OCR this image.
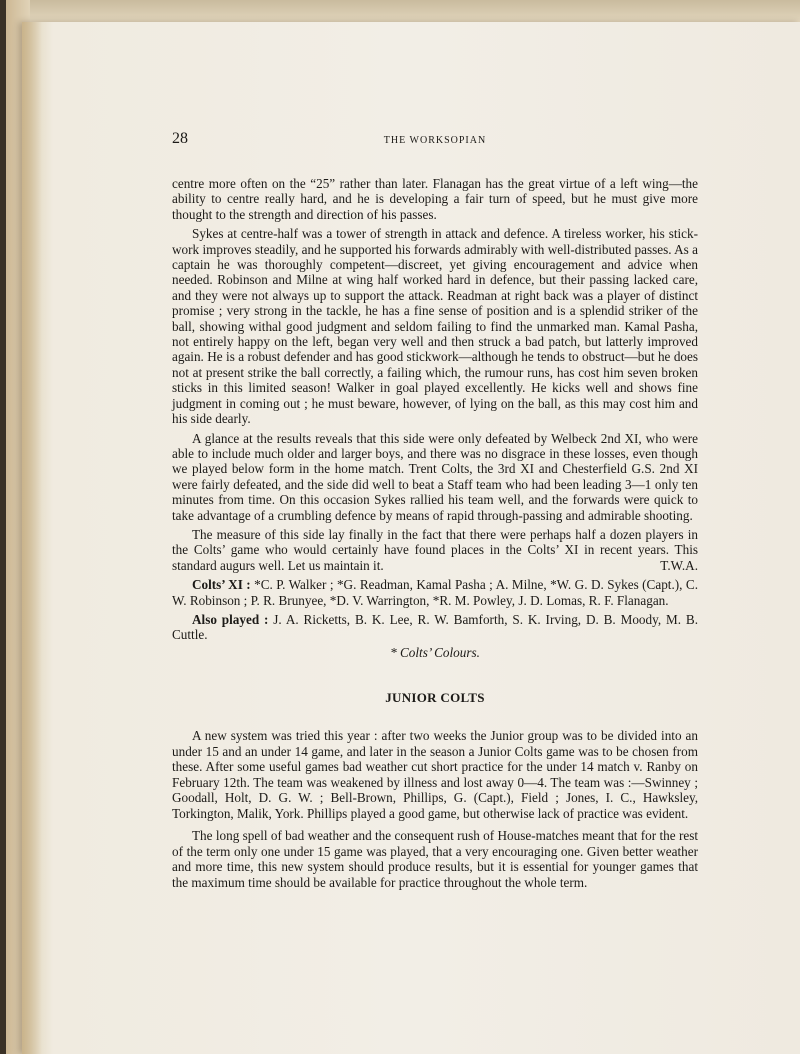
28	THE WORKSOPIAN

centre more often on the “25” rather than later. Flanagan has the great virtue of a left wing—the ability to centre really hard, and he is developing a fair turn of speed, but he must give more thought to the strength and direction of his passes.

Sykes at centre-half was a tower of strength in attack and defence. A tireless worker, his stick-work improves steadily, and he supported his forwards admirably with well-distributed passes. As a captain he was thoroughly competent—discreet, yet giving encouragement and advice when needed. Robinson and Milne at wing half worked hard in defence, but their passing lacked care, and they were not always up to support the attack. Readman at right back was a player of distinct promise ; very strong in the tackle, he has a fine sense of position and is a splendid striker of the ball, showing withal good judgment and seldom failing to find the unmarked man. Kamal Pasha, not entirely happy on the left, began very well and then struck a bad patch, but latterly improved again. He is a robust defender and has good stickwork—although he tends to obstruct—but he does not at present strike the ball correctly, a failing which, the rumour runs, has cost him seven broken sticks in this limited season! Walker in goal played excellently. He kicks well and shows fine judgment in coming out ; he must beware, however, of lying on the ball, as this may cost him and his side dearly.

A glance at the results reveals that this side were only defeated by Welbeck 2nd XI, who were able to include much older and larger boys, and there was no disgrace in these losses, even though we played below form in the home match. Trent Colts, the 3rd XI and Chesterfield G.S. 2nd XI were fairly defeated, and the side did well to beat a Staff team who had been leading 3—1 only ten minutes from time. On this occasion Sykes rallied his team well, and the forwards were quick to take advantage of a crumbling defence by means of rapid through-passing and admirable shooting.

The measure of this side lay finally in the fact that there were perhaps half a dozen players in the Colts’ game who would certainly have found places in the Colts’ XI in recent years. This standard augurs well. Let us maintain it.	T.W.A.

Colts’ XI : *C. P. Walker ; *G. Readman, Kamal Pasha ; A. Milne, *W. G. D. Sykes (Capt.), C. W. Robinson ; P. R. Brunyee, *D. V. Warrington, *R. M. Powley, J. D. Lomas, R. F. Flanagan.

Also played : J. A. Ricketts, B. K. Lee, R. W. Bamforth, S. K. Irving, D. B. Moody, M. B. Cuttle.

* Colts’ Colours.

JUNIOR COLTS

A new system was tried this year : after two weeks the Junior group was to be divided into an under 15 and an under 14 game, and later in the season a Junior Colts game was to be chosen from these. After some useful games bad weather cut short practice for the under 14 match v. Ranby on February 12th. The team was weakened by illness and lost away 0—4. The team was :—Swinney ; Goodall, Holt, D. G. W. ; Bell-Brown, Phillips, G. (Capt.), Field ; Jones, I. C., Hawksley, Torkington, Malik, York. Phillips played a good game, but otherwise lack of practice was evident.

The long spell of bad weather and the consequent rush of House-matches meant that for the rest of the term only one under 15 game was played, that a very encouraging one. Given better weather and more time, this new system should produce results, but it is essential for younger games that the maximum time should be available for practice throughout the whole term.
